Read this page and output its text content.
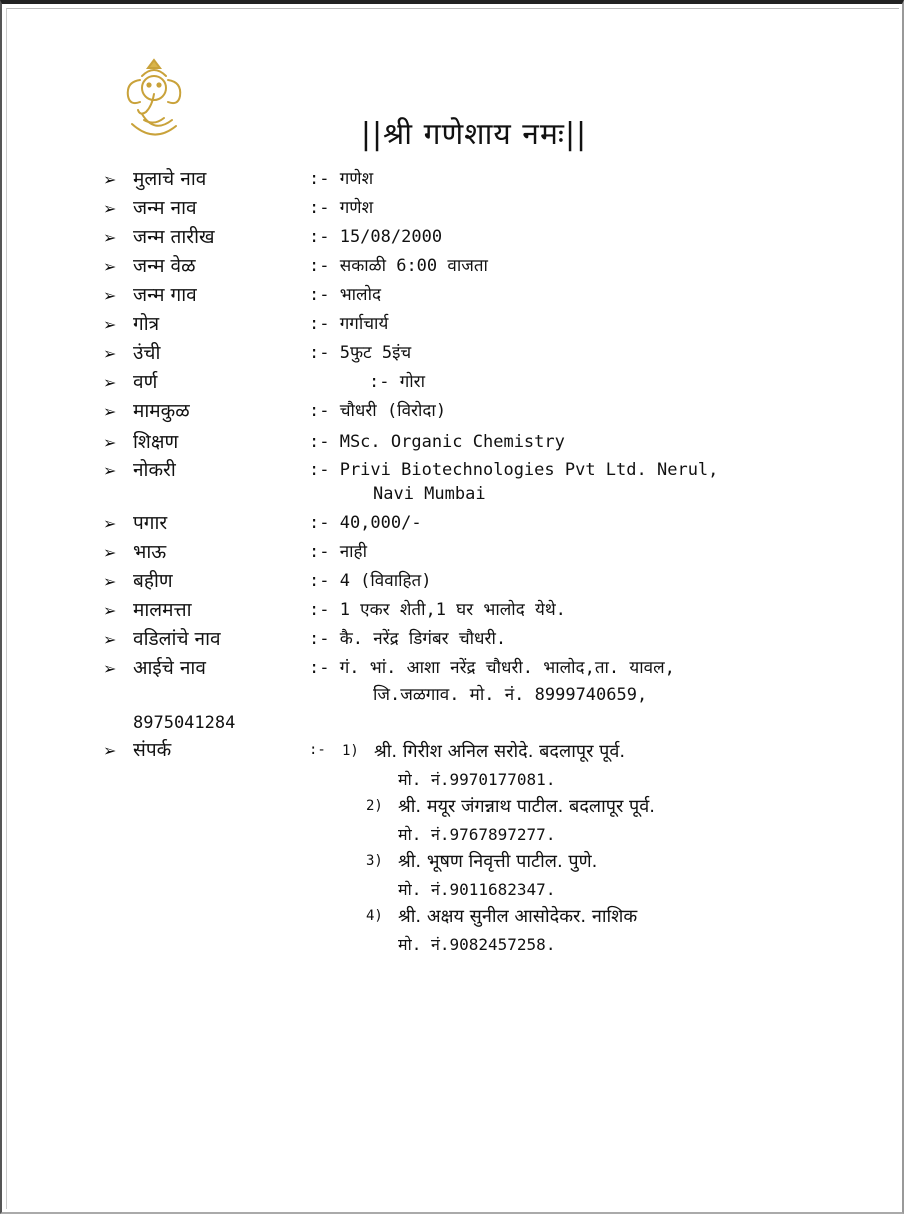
||श्री गणेशाय नमः||
➢ मुलाचे नाव	:- गणेश
➢ जन्म नाव	:- गणेश
➢ जन्म तारीख	:- 15/08/2000
➢ जन्म वेळ	:- सकाळी 6:00 वाजता
➢ जन्म गाव	:- भालोद
➢ गोत्र	:- गर्गाचार्य
➢ उंची	:- 5फुट 5इंच
➢ वर्ण	:- गोरा
➢ मामकुळ	:- चौधरी (विरोदा)
➢ शिक्षण	:- MSc. Organic Chemistry
➢ नोकरी	:- Privi Biotechnologies Pvt Ltd. Nerul,
Navi Mumbai
➢ पगार	:- 40,000/-
➢ भाऊ	:- नाही
➢ बहीण	:- 4 (विवाहित)
➢ मालमत्ता	:- 1 एकर शेती,1 घर भालोद येथे.
➢ वडिलांचे नाव	:- कै. नरेंद्र डिगंबर चौधरी.
➢ आईचे नाव	:- गं. भां. आशा नरेंद्र चौधरी. भालोद,ता. यावल,
जि.जळगाव. मो. नं. 8999740659,
8975041284
➢ संपर्क	:- 1) श्री. गिरीश अनिल सरोदे. बदलापूर पूर्व.
मो. नं.9970177081.
2) श्री. मयूर जंगन्नाथ पाटील. बदलापूर पूर्व.
मो. नं.9767897277.
3) श्री. भूषण निवृत्ती पाटील. पुणे.
मो. नं.9011682347.
4) श्री. अक्षय सुनील आसोदेकर. नाशिक
मो. नं.9082457258.
